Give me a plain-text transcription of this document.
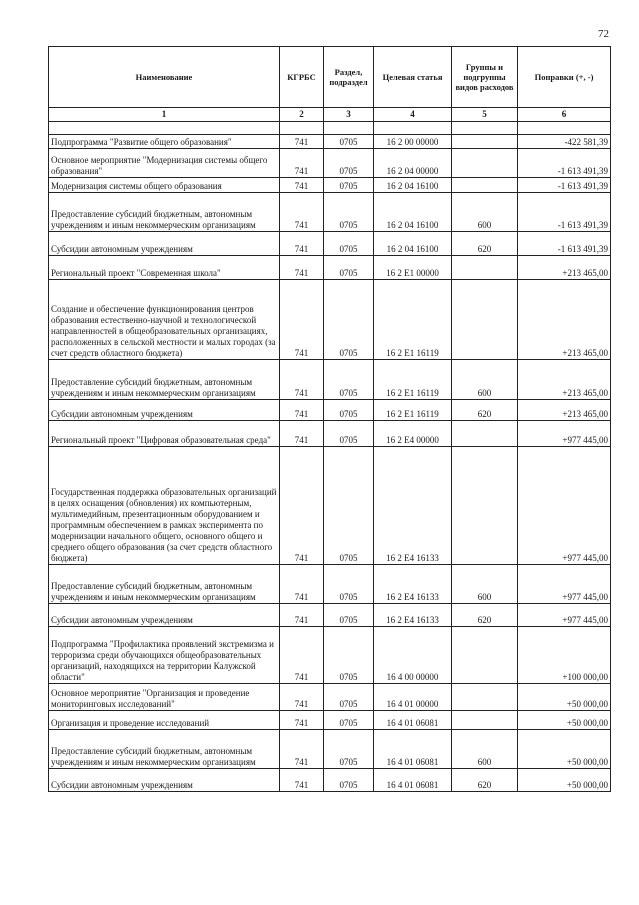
72
Наименование	КГРБС	Раздел, подраздел	Целевая статья	Группы и подгруппы видов расходов	Поправки (+, -)
1	2	3	4	5	6

Подпрограмма "Развитие общего образования"	741	0705	16 2 00 00000		-422 581,39
Основное мероприятие "Модернизация системы общего образования"	741	0705	16 2 04 00000		-1 613 491,39
Модернизация системы общего образования	741	0705	16 2 04 16100		-1 613 491,39
Предоставление субсидий бюджетным, автономным учреждениям и иным некоммерческим организациям	741	0705	16 2 04 16100	600	-1 613 491,39
Субсидии автономным учреждениям	741	0705	16 2 04 16100	620	-1 613 491,39
Региональный проект "Современная школа"	741	0705	16 2 E1 00000		+213 465,00
Создание и обеспечение функционирования центров образования естественно-научной и технологической направленностей в общеобразовательных организациях, расположенных в сельской местности и малых городах (за счет средств областного бюджета)	741	0705	16 2 E1 16119		+213 465,00
Предоставление субсидий бюджетным, автономным учреждениям и иным некоммерческим организациям	741	0705	16 2 E1 16119	600	+213 465,00
Субсидии автономным учреждениям	741	0705	16 2 E1 16119	620	+213 465,00
Региональный проект "Цифровая образовательная среда"	741	0705	16 2 E4 00000		+977 445,00
Государственная поддержка образовательных организаций в целях оснащения (обновления) их компьютерным, мультимедийным, презентационным оборудованием и программным обеспечением в рамках эксперимента по модернизации начального общего, основного общего и среднего общего образования (за счет средств областного бюджета)	741	0705	16 2 E4 16133		+977 445,00
Предоставление субсидий бюджетным, автономным учреждениям и иным некоммерческим организациям	741	0705	16 2 E4 16133	600	+977 445,00
Субсидии автономным учреждениям	741	0705	16 2 E4 16133	620	+977 445,00
Подпрограмма "Профилактика проявлений экстремизма и терроризма среди обучающихся общеобразовательных организаций, находящихся на территории Калужской области"	741	0705	16 4 00 00000		+100 000,00
Основное мероприятие "Организация и проведение мониторинговых исследований"	741	0705	16 4 01 00000		+50 000,00
Организация и проведение исследований	741	0705	16 4 01 06081		+50 000,00
Предоставление субсидий бюджетным, автономным учреждениям и иным некоммерческим организациям	741	0705	16 4 01 06081	600	+50 000,00
Субсидии автономным учреждениям	741	0705	16 4 01 06081	620	+50 000,00
